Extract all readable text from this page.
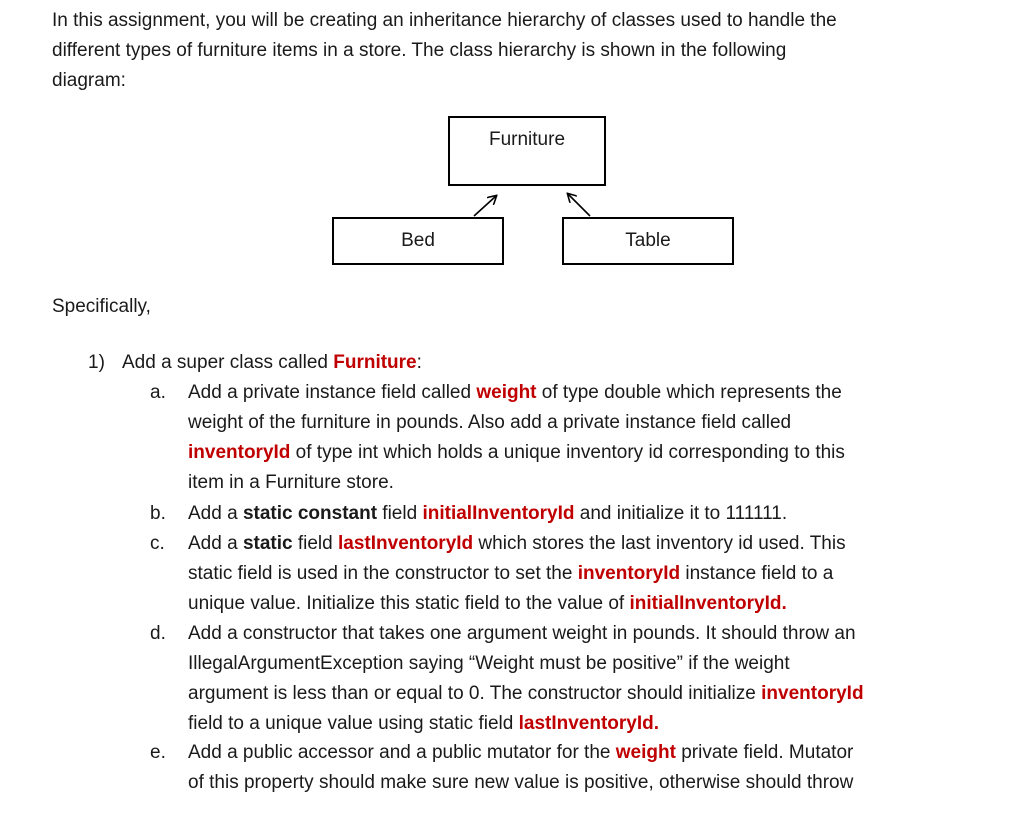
In this assignment, you will be creating an inheritance hierarchy of classes used to handle the
different types of furniture items in a store. The class hierarchy is shown in the following
diagram:

Furniture
Bed	Table

Specifically,

1) Add a super class called Furniture:

a. Add a private instance field called weight of type double which represents the
weight of the furniture in pounds. Also add a private instance field called
inventoryId of type int which holds a unique inventory id corresponding to this
item in a Furniture store.
b. Add a static constant field initialInventoryId and initialize it to 111111.
c. Add a static field lastInventoryId which stores the last inventory id used. This
static field is used in the constructor to set the inventoryId instance field to a
unique value. Initialize this static field to the value of initialInventoryId.
d. Add a constructor that takes one argument weight in pounds. It should throw an
IllegalArgumentException saying “Weight must be positive” if the weight
argument is less than or equal to 0. The constructor should initialize inventoryId
field to a unique value using static field lastInventoryId.
e. Add a public accessor and a public mutator for the weight private field. Mutator
of this property should make sure new value is positive, otherwise should throw
